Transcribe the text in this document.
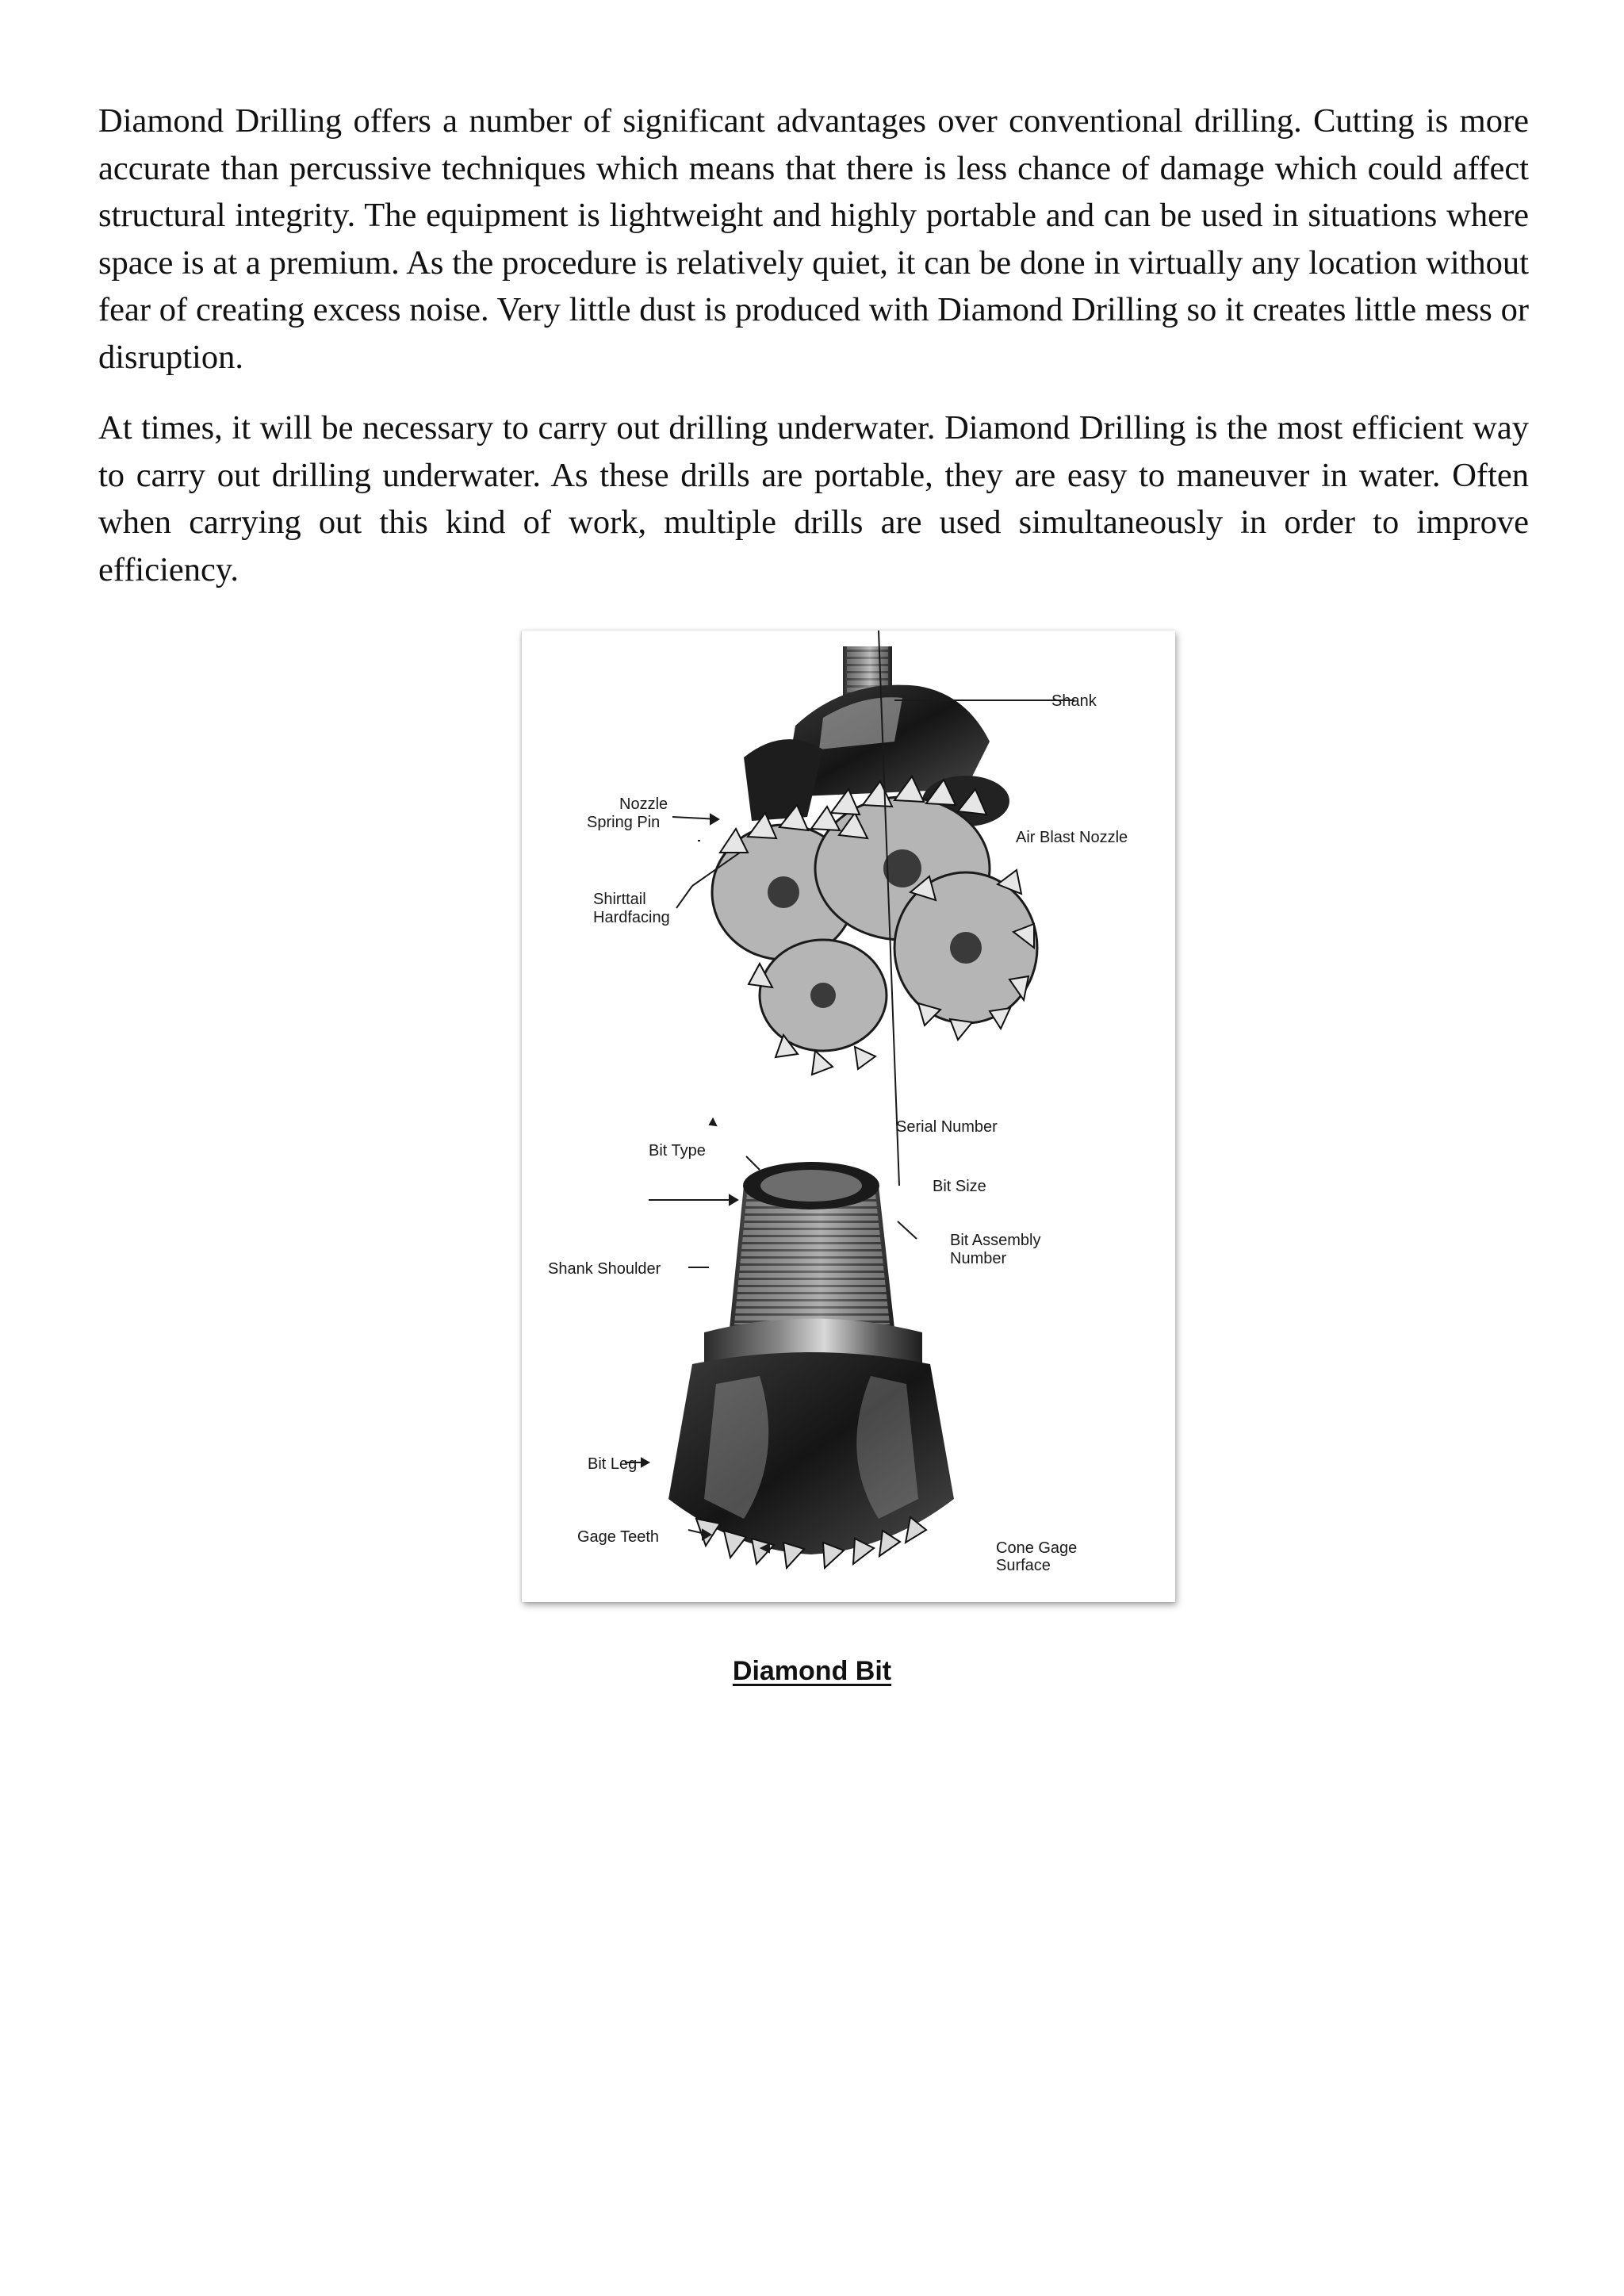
Diamond Drilling offers a number of significant advantages over conventional drilling. Cutting is more accurate than percussive techniques which means that there is less chance of damage which could affect structural integrity. The equipment is lightweight and highly portable and can be used in situations where space is at a premium. As the procedure is relatively quiet, it can be done in virtually any location without fear of creating excess noise. Very little dust is produced with Diamond Drilling so it creates little mess or disruption.

At times, it will be necessary to carry out drilling underwater. Diamond Drilling is the most efficient way to carry out drilling underwater. As these drills are portable, they are easy to maneuver in water. Often when carrying out this kind of work, multiple drills are used simultaneously in order to improve efficiency.

Shank
Nozzle
Spring Pin
Air Blast Nozzle
Shirttail
Hardfacing
Serial Number
Bit Type
Bit Size
Bit Assembly
Number
Shank Shoulder
Bit Leg
Gage Teeth
Cone Gage
Surface
Diamond Bit
